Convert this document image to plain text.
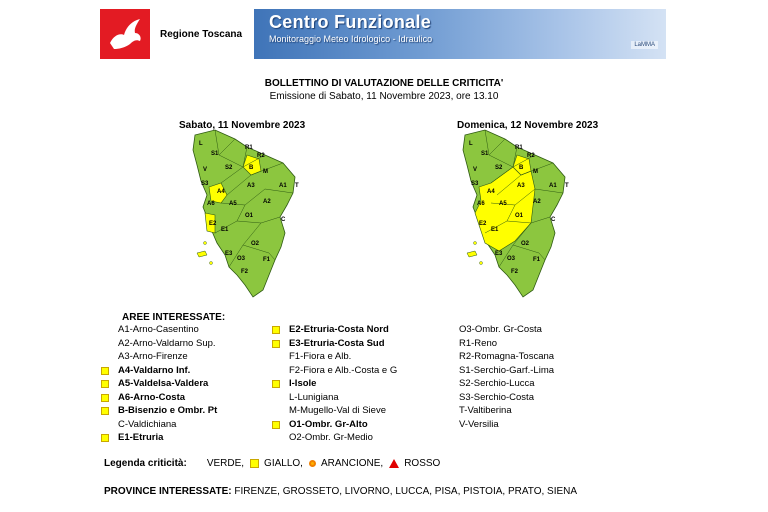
Regione Toscana
Centro Funzionale
Monitoraggio Meteo Idrologico - Idraulico
LaMMA
BOLLETTINO DI VALUTAZIONE DELLE CRITICITA'
Emissione di Sabato, 11 Novembre 2023, ore 13.10
Sabato, 11 Novembre 2023	Domenica, 12 Novembre 2023
S1
L
R1
R2
S2	B
M
A4
S3	A3	A1 T
A6 A5
V
A2
E2
E1
O1
C
E3
O3
O2
F2
F1
S1
L
R1
R2
S2	B
M
A4
S3	A3	A1 T
A6 A5
V
A2
E2
E1
O1
C
E3
O3
O2
F2
F1
AREE INTERESSATE:
A1-Arno-Casentino
A2-Arno-Valdarno Sup.
A3-Arno-Firenze
A4-Valdarno Inf.
A5-Valdelsa-Valdera
A6-Arno-Costa
B-Bisenzio e Ombr. Pt
C-Valdichiana
E1-Etruria
E2-Etruria-Costa Nord
E3-Etruria-Costa Sud
F1-Fiora e Alb.
F2-Fiora e Alb.-Costa e G
I-Isole
L-Lunigiana
M-Mugello-Val di Sieve
O1-Ombr. Gr-Alto
O2-Ombr. Gr-Medio
O3-Ombr. Gr-Costa
R1-Reno
R2-Romagna-Toscana
S1-Serchio-Garf.-Lima
S2-Serchio-Lucca
S3-Serchio-Costa
T-Valtiberina
V-Versilia
Legenda criticità: VERDE, GIALLO, ARANCIONE, ROSSO
PROVINCE INTERESSATE: FIRENZE, GROSSETO, LIVORNO, LUCCA, PISA, PISTOIA, PRATO, SIENA
